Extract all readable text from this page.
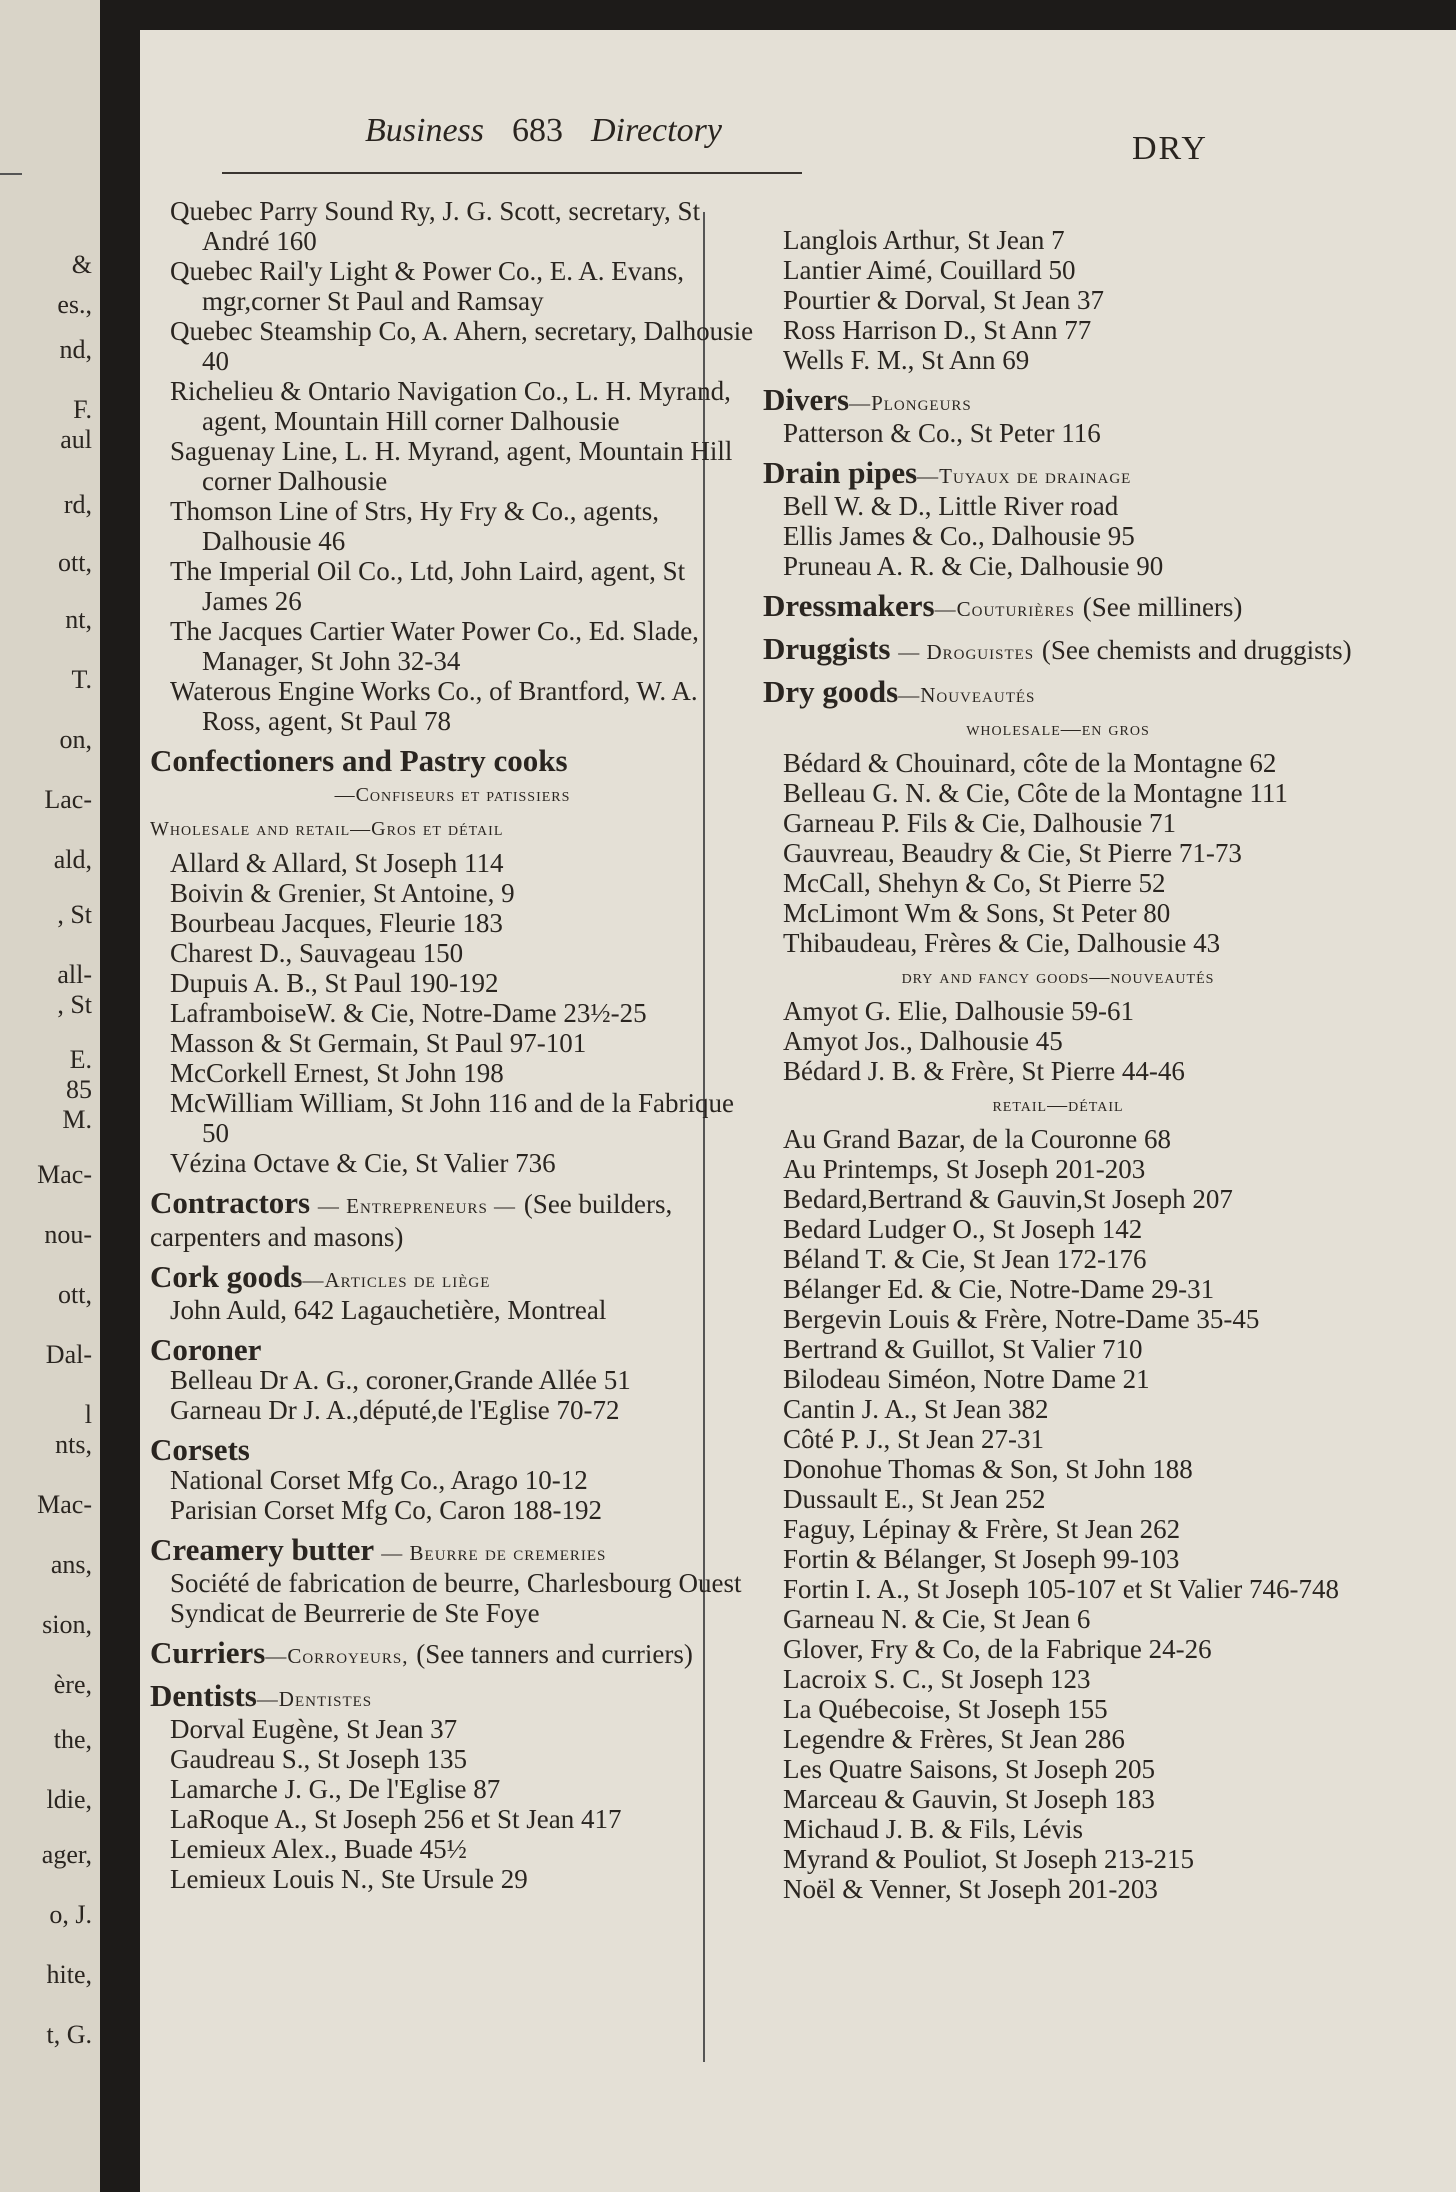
&
es.,
nd,
F.
aul
rd,
ott,
nt,
T.
on,
Lac-
ald,
, St
all-
, St
E.
85
M.
Mac-
nou-
ott,
Dal-
l
nts,
Mac-
ans,
sion,
ère,
the,
ldie,
ager,
o, J.
hite,
t, G.
Business 683 Directory	DRY
Quebec Parry Sound Ry, J. G. Scott, secretary, St André 160
Quebec Rail'y Light & Power Co., E. A. Evans, mgr,corner St Paul and Ramsay
Quebec Steamship Co, A. Ahern, secretary, Dalhousie 40
Richelieu & Ontario Navigation Co., L. H. Myrand, agent, Mountain Hill corner Dalhousie
Saguenay Line, L. H. Myrand, agent, Mountain Hill corner Dalhousie
Thomson Line of Strs, Hy Fry & Co., agents, Dalhousie 46
The Imperial Oil Co., Ltd, John Laird, agent, St James 26
The Jacques Cartier Water Power Co., Ed. Slade, Manager, St John 32-34
Waterous Engine Works Co., of Brantford, W. A. Ross, agent, St Paul 78
Confectioners and Pastry cooks
—Confiseurs et patissiers
Wholesale and retail—Gros et détail
Allard & Allard, St Joseph 114
Boivin & Grenier, St Antoine, 9
Bourbeau Jacques, Fleurie 183
Charest D., Sauvageau 150
Dupuis A. B., St Paul 190-192
LaframboiseW. & Cie, Notre-Dame 23½-25
Masson & St Germain, St Paul 97-101
McCorkell Ernest, St John 198
McWilliam William, St John 116 and de la Fabrique 50
Vézina Octave & Cie, St Valier 736
Contractors — Entrepreneurs — (See builders, carpenters and masons)
Cork goods—Articles de liège
John Auld, 642 Lagauchetière, Montreal
Coroner
Belleau Dr A. G., coroner,Grande Allée 51
Garneau Dr J. A.,député,de l'Eglise 70-72
Corsets
National Corset Mfg Co., Arago 10-12
Parisian Corset Mfg Co, Caron 188-192
Creamery butter — Beurre de cremeries
Société de fabrication de beurre, Charlesbourg Ouest
Syndicat de Beurrerie de Ste Foye
Curriers—Corroyeurs, (See tanners and curriers)
Dentists—Dentistes
Dorval Eugène, St Jean 37
Gaudreau S., St Joseph 135
Lamarche J. G., De l'Eglise 87
LaRoque A., St Joseph 256 et St Jean 417
Lemieux Alex., Buade 45½
Lemieux Louis N., Ste Ursule 29
Langlois Arthur, St Jean 7
Lantier Aimé, Couillard 50
Pourtier & Dorval, St Jean 37
Ross Harrison D., St Ann 77
Wells F. M., St Ann 69
Divers—Plongeurs
Patterson & Co., St Peter 116
Drain pipes—Tuyaux de drainage
Bell W. & D., Little River road
Ellis James & Co., Dalhousie 95
Pruneau A. R. & Cie, Dalhousie 90
Dressmakers—Couturières (See milliners)
Druggists — Droguistes (See chemists and druggists)
Dry goods—Nouveautés
wholesale—en gros
Bédard & Chouinard, côte de la Montagne 62
Belleau G. N. & Cie, Côte de la Montagne 111
Garneau P. Fils & Cie, Dalhousie 71
Gauvreau, Beaudry & Cie, St Pierre 71-73
McCall, Shehyn & Co, St Pierre 52
McLimont Wm & Sons, St Peter 80
Thibaudeau, Frères & Cie, Dalhousie 43
dry and fancy goods—nouveautés
Amyot G. Elie, Dalhousie 59-61
Amyot Jos., Dalhousie 45
Bédard J. B. & Frère, St Pierre 44-46
retail—détail
Au Grand Bazar, de la Couronne 68
Au Printemps, St Joseph 201-203
Bedard,Bertrand & Gauvin,St Joseph 207
Bedard Ludger O., St Joseph 142
Béland T. & Cie, St Jean 172-176
Bélanger Ed. & Cie, Notre-Dame 29-31
Bergevin Louis & Frère, Notre-Dame 35-45
Bertrand & Guillot, St Valier 710
Bilodeau Siméon, Notre Dame 21
Cantin J. A., St Jean 382
Côté P. J., St Jean 27-31
Donohue Thomas & Son, St John 188
Dussault E., St Jean 252
Faguy, Lépinay & Frère, St Jean 262
Fortin & Bélanger, St Joseph 99-103
Fortin I. A., St Joseph 105-107 et St Valier 746-748
Garneau N. & Cie, St Jean 6
Glover, Fry & Co, de la Fabrique 24-26
Lacroix S. C., St Joseph 123
La Québecoise, St Joseph 155
Legendre & Frères, St Jean 286
Les Quatre Saisons, St Joseph 205
Marceau & Gauvin, St Joseph 183
Michaud J. B. & Fils, Lévis
Myrand & Pouliot, St Joseph 213-215
Noël & Venner, St Joseph 201-203
